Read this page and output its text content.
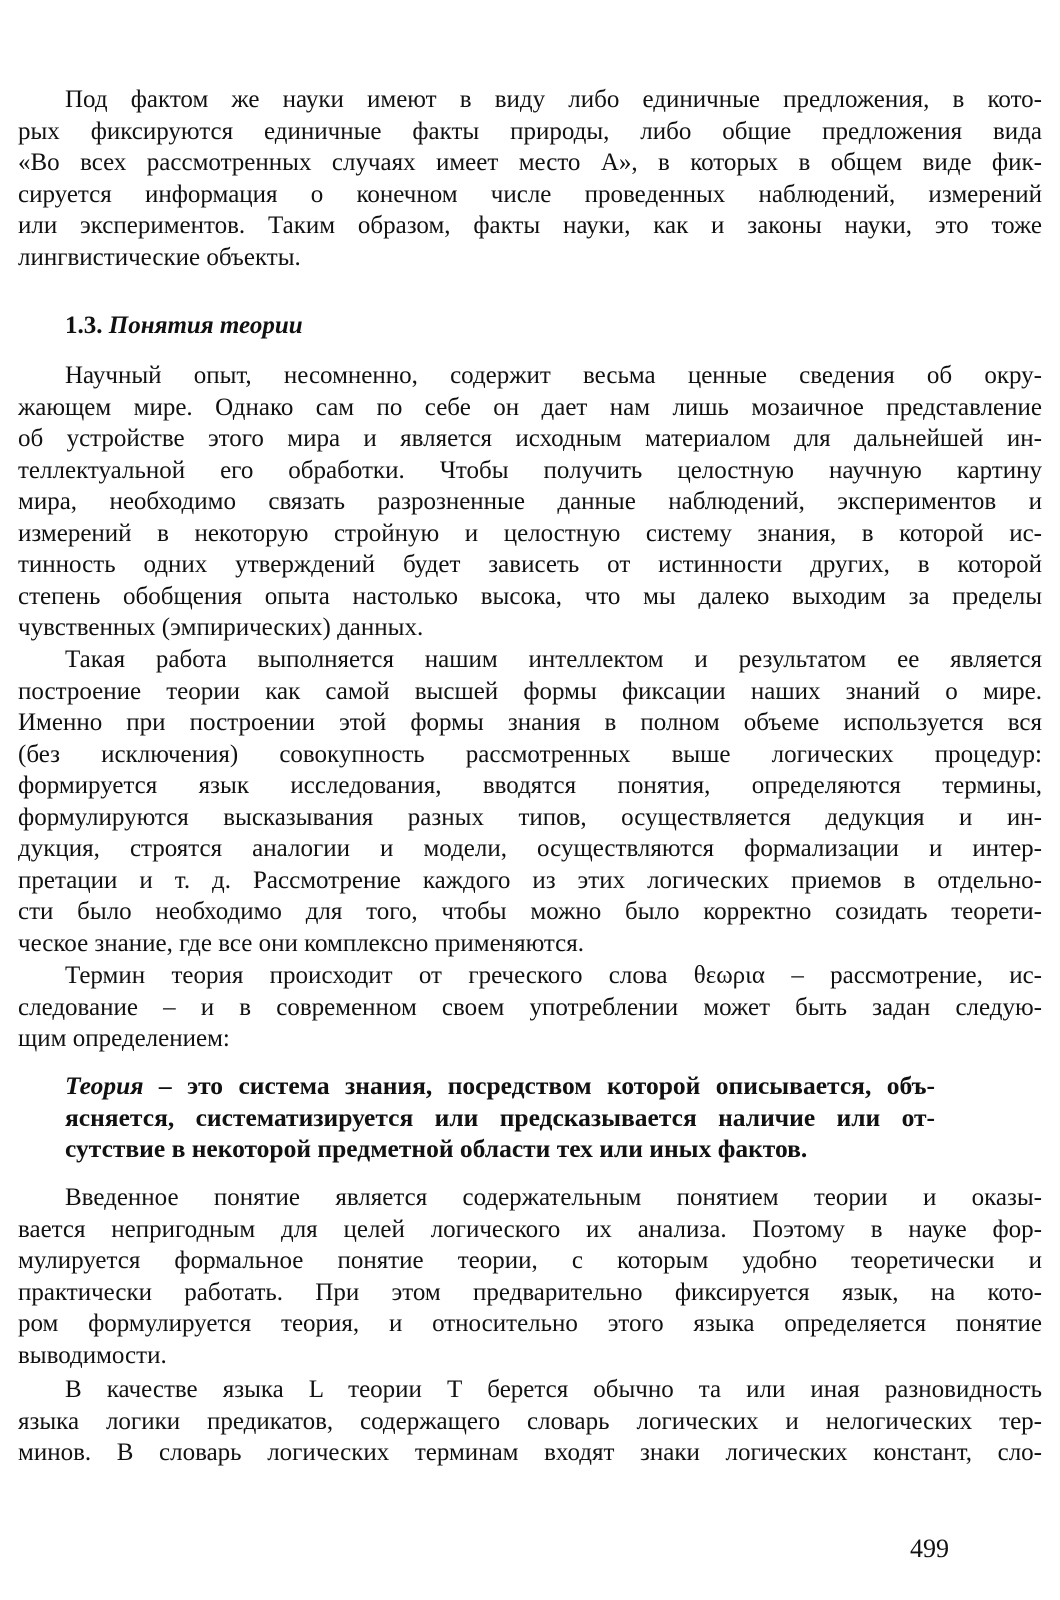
Под фактом же науки имеют в виду либо единичные предложения, в кото-
рых фиксируются единичные факты природы, либо общие предложения вида
«Во всех рассмотренных случаях имеет место А», в которых в общем виде фик-
сируется информация о конечном числе проведенных наблюдений, измерений
или экспериментов. Таким образом, факты науки, как и законы науки, это тоже
лингвистические объекты.
1.3. Понятия теории
Научный опыт, несомненно, содержит весьма ценные сведения об окру-
жающем мире. Однако сам по себе он дает нам лишь мозаичное представление
об устройстве этого мира и является исходным материалом для дальнейшей ин-
теллектуальной его обработки. Чтобы получить целостную научную картину
мира, необходимо связать разрозненные данные наблюдений, экспериментов и
измерений в некоторую стройную и целостную систему знания, в которой ис-
тинность одних утверждений будет зависеть от истинности других, в которой
степень обобщения опыта настолько высока, что мы далеко выходим за пределы
чувственных (эмпирических) данных.
Такая работа выполняется нашим интеллектом и результатом ее является
построение теории как самой высшей формы фиксации наших знаний о мире.
Именно при построении этой формы знания в полном объеме используется вся
(без исключения) совокупность рассмотренных выше логических процедур:
формируется язык исследования, вводятся понятия, определяются термины,
формулируются высказывания разных типов, осуществляется дедукция и ин-
дукция, строятся аналогии и модели, осуществляются формализации и интер-
претации и т. д. Рассмотрение каждого из этих логических приемов в отдельно-
сти было необходимо для того, чтобы можно было корректно созидать теорети-
ческое знание, где все они комплексно применяются.
Термин теория происходит от греческого слова θεωρια – рассмотрение, ис-
следование – и в современном своем употреблении может быть задан следую-
щим определением:
Теория – это система знания, посредством которой описывается, объ-
ясняется, систематизируется или предсказывается наличие или от-
сутствие в некоторой предметной области тех или иных фактов.
Введенное понятие является содержательным понятием теории и оказы-
вается непригодным для целей логического их анализа. Поэтому в науке фор-
мулируется формальное понятие теории, с которым удобно теоретически и
практически работать. При этом предварительно фиксируется язык, на кото-
ром формулируется теория, и относительно этого языка определяется понятие
выводимости.
В качестве языка L теории Т берется обычно та или иная разновидность
языка логики предикатов, содержащего словарь логических и нелогических тер-
минов. В словарь логических терминам входят знаки логических констант, сло-
499
